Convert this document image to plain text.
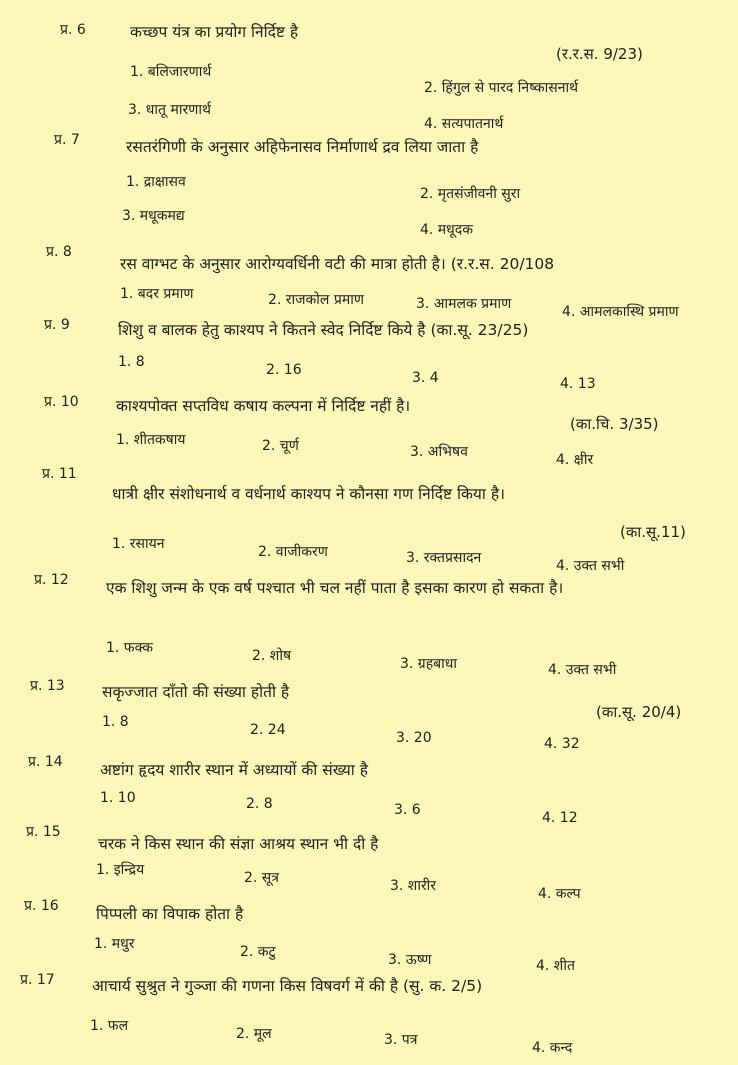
प्र. 6	कच्छप यंत्र का प्रयोग निर्दिष्ट है
(र.र.स. 9/23)
1. बलिजारणार्थ
2. हिंगुल से पारद निष्कासनार्थ
3. धातू मारणार्थ
4. सत्यपातनार्थ
प्र. 7	रसतरंगिणी के अनुसार अहिफेनासव निर्माणार्थ द्रव लिया जाता है
1. द्राक्षासव
2. मृतसंजीवनी सुरा
3. मधूकमद्य
4. मधूदक
प्र. 8
रस वाग्भट के अनुसार आरोग्यवर्धिनी वटी की मात्रा होती है। (र.र.स. 20/108
1. बदर प्रमाण	2. राजकोल प्रमाण	3. आमलक प्रमाण	4. आमलकास्थि प्रमाण
प्र. 9	शिशु व बालक हेतु काश्यप ने कितने स्वेद निर्दिष्ट किये है (का.सू. 23/25)
1. 8	2. 16	3. 4	4. 13
प्र. 10 काश्यपोक्त सप्तविध कषाय कल्पना में निर्दिष्ट नहीं है।
(का.चि. 3/35)
1. शीतकषाय	2. चूर्ण	3. अभिषव	4. क्षीर
प्र. 11
धात्री क्षीर संशोधनार्थ व वर्धनार्थ काश्यप ने कौनसा गण निर्दिष्ट किया है।
(का.सू.11)
1. रसायन	2. वाजीकरण	3. रक्तप्रसादन	4. उक्त सभी
प्र. 12 एक शिशु जन्म के एक वर्ष पश्चात भी चल नहीं पाता है इसका कारण हो सकता है।
1. फक्क	2. शोष	3. ग्रहबाधा	4. उक्त सभी
प्र. 13 सकृज्जात दाँतो की संख्या होती है
(का.सू. 20/4)
1. 8	2. 24	3. 20	4. 32
प्र. 14 अष्टांग हृदय शारीर स्थान में अध्यायों की संख्या है
1. 10	2. 8	3. 6	4. 12
प्र. 15
चरक ने किस स्थान की संज्ञा आश्रय स्थान भी दी है
1. इन्द्रिय	2. सूत्र	3. शारीर	4. कल्प
प्र. 16 पिप्पली का विपाक होता है
1. मधुर	2. कटु	3. ऊष्ण	4. शीत
प्र. 17 आचार्य सुश्रुत ने गुञ्जा की गणना किस विषवर्ग में की है (सु. क. 2/5)
1. फल	2. मूल	3. पत्र	4. कन्द
